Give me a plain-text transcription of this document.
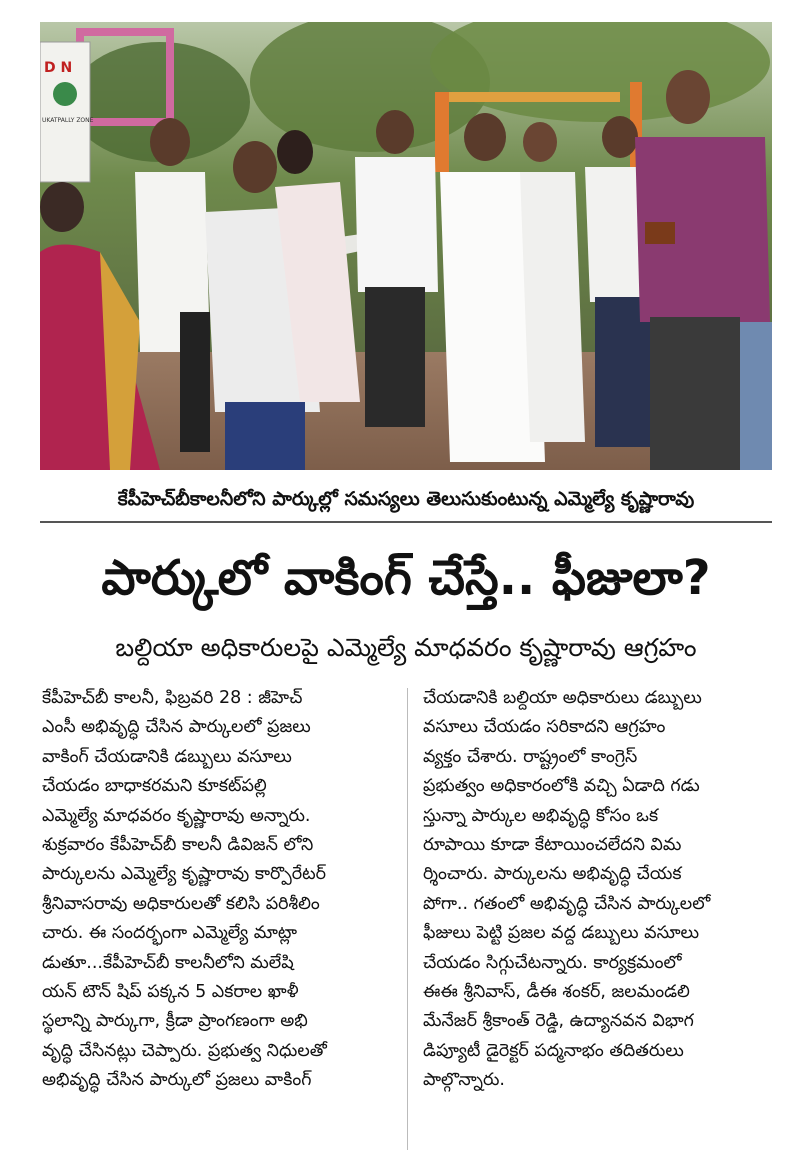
D N
UKATPALLY ZONE
కేపీహెచ్‌బీకాలనీలోని పార్కుల్లో సమస్యలు తెలుసుకుంటున్న ఎమ్మెల్యే కృష్ణారావు
పార్కులో వాకింగ్ చేస్తే.. ఫీజులా?
బల్దియా అధికారులపై ఎమ్మెల్యే మాధవరం కృష్ణారావు ఆగ్రహం
కేపీహెచ్‌బీ కాలనీ, ఫిబ్రవరి 28 : జీహెచ్
ఎంసీ అభివృద్ధి చేసిన పార్కులలో ప్రజలు
వాకింగ్ చేయడానికి డబ్బులు వసూలు
చేయడం బాధాకరమని కూకట్‌పల్లి
ఎమ్మెల్యే మాధవరం కృష్ణారావు అన్నారు.
శుక్రవారం కేపీహెచ్‌బీ కాలనీ డివిజన్ లోని
పార్కులను ఎమ్మెల్యే కృష్ణారావు కార్పొరేటర్
శ్రీనివాసరావు అధికారులతో కలిసి పరిశీలిం
చారు. ఈ సందర్భంగా ఎమ్మెల్యే మాట్లా
డుతూ...కేపీహెచ్‌బీ కాలనీలోని మలేషి
యన్ టౌన్ షిప్ పక్కన 5 ఎకరాల ఖాళీ
స్థలాన్ని పార్కుగా, క్రీడా ప్రాంగణంగా అభి
వృద్ధి చేసినట్లు చెప్పారు. ప్రభుత్వ నిధులతో
అభివృద్ధి చేసిన పార్కులో ప్రజలు వాకింగ్
చేయడానికి బల్దియా అధికారులు డబ్బులు
వసూలు చేయడం సరికాదని ఆగ్రహం
వ్యక్తం చేశారు. రాష్ట్రంలో కాంగ్రెస్
ప్రభుత్వం అధికారంలోకి వచ్చి ఏడాది గడు
స్తున్నా పార్కుల అభివృద్ధి కోసం ఒక
రూపాయి కూడా కేటాయించలేదని విమ
ర్శించారు. పార్కులను అభివృద్ధి చేయక
పోగా.. గతంలో అభివృద్ధి చేసిన పార్కులలో
ఫీజులు పెట్టి ప్రజల వద్ద డబ్బులు వసూలు
చేయడం సిగ్గుచేటన్నారు. కార్యక్రమంలో
ఈఈ శ్రీనివాస్, డీఈ శంకర్, జలమండలి
మేనేజర్ శ్రీకాంత్ రెడ్డి, ఉద్యానవన విభాగ
డిప్యూటీ డైరెక్టర్ పద్మనాభం తదితరులు
పాల్గొన్నారు.
